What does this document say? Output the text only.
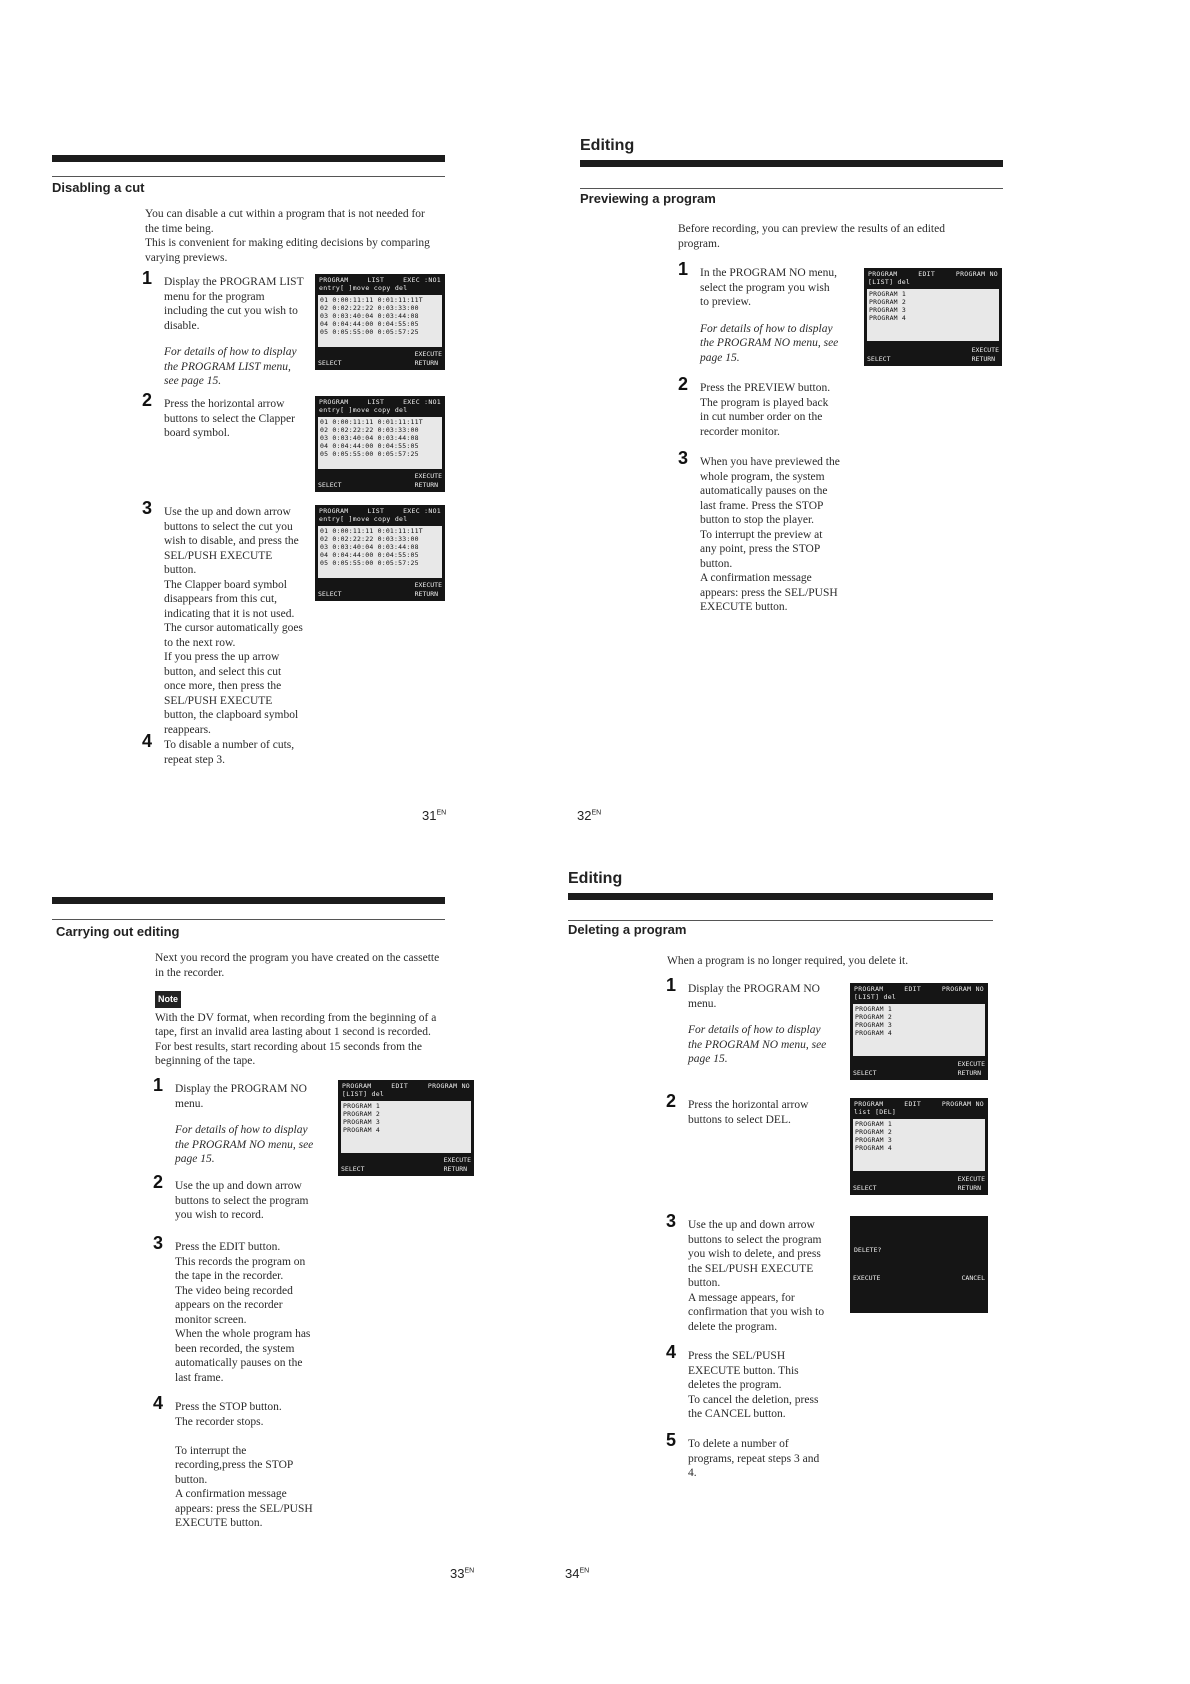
Disabling a cut
You can disable a cut within a program that is not needed for
the time being.
This is convenient for making editing decisions by comparing
varying previews.
1 Display the PROGRAM LIST
menu for the program
including the cut you wish to
disable.
For details of how to display
the PROGRAM LIST menu,
see page 15.
2 Press the horizontal arrow
buttons to select the Clapper
board symbol.
3 Use the up and down arrow
buttons to select the cut you
wish to disable, and press the
SEL/PUSH EXECUTE
button.
The Clapper board symbol
disappears from this cut,
indicating that it is not used.
The cursor automatically goes
to the next row.
If you press the up arrow
button, and select this cut
once more, then press the
SEL/PUSH EXECUTE
button, the clapboard symbol
reappears.
4 To disable a number of cuts,
repeat step 3.
PROGRAM	LIST	EXEC :NO1
entry[ ]move copy del
01 0:00:11:11 0:01:11:11T
02 0:02:22:22 0:03:33:00
03 0:03:40:04 0:03:44:08
04 0:04:44:00 0:04:55:05
05 0:05:55:00 0:05:57:25
SELECT
EXECUTE
RETURN
PROGRAM	LIST	EXEC :NO1
entry[ ]move copy del
01 0:00:11:11 0:01:11:11T
02 0:02:22:22 0:03:33:00
03 0:03:40:04 0:03:44:08
04 0:04:44:00 0:04:55:05
05 0:05:55:00 0:05:57:25
SELECT
EXECUTE
RETURN
PROGRAM	LIST	EXEC :NO1
entry[ ]move copy del
01 0:00:11:11 0:01:11:11T
02 0:02:22:22 0:03:33:00
03 0:03:40:04 0:03:44:08
04 0:04:44:00 0:04:55:05
05 0:05:55:00 0:05:57:25
SELECT
EXECUTE
RETURN
$31^{EN}$
Editing
Previewing a program
Before recording, you can preview the results of an edited
program.
1 In the PROGRAM NO menu,
select the program you wish
to preview.
For details of how to display
the PROGRAM NO menu, see
page 15.
2 Press the PREVIEW button.
The program is played back
in cut number order on the
recorder monitor.
3 When you have previewed the
whole program, the system
automatically pauses on the
last frame. Press the STOP
button to stop the player.
To interrupt the preview at
any point, press the STOP
button.
A confirmation message
appears: press the SEL/PUSH
EXECUTE button.
PROGRAM	EDIT	PROGRAM NO
[LIST] del
PROGRAM 1
PROGRAM 2
PROGRAM 3
PROGRAM 4
SELECT
EXECUTE
RETURN
$32^{EN}$
Carrying out editing
Next you record the program you have created on the cassette
in the recorder.
Note
With the DV format, when recording from the beginning of a
tape, first an invalid area lasting about 1 second is recorded.
For best results, start recording about 15 seconds from the
beginning of the tape.
1 Display the PROGRAM NO
menu.
For details of how to display
the PROGRAM NO menu, see
page 15.
2 Use the up and down arrow
buttons to select the program
you wish to record.
3 Press the EDIT button.
This records the program on
the tape in the recorder.
The video being recorded
appears on the recorder
monitor screen.
When the whole program has
been recorded, the system
automatically pauses on the
last frame.
4 Press the STOP button.
The recorder stops.

To interrupt the
recording,press the STOP
button.
A confirmation message
appears: press the SEL/PUSH
EXECUTE button.
PROGRAM	EDIT	PROGRAM NO
[LIST] del
PROGRAM 1
PROGRAM 2
PROGRAM 3
PROGRAM 4
SELECT
EXECUTE
RETURN
$33^{EN}$
Editing
Deleting a program
When a program is no longer required, you delete it.
1 Display the PROGRAM NO
menu.
For details of how to display
the PROGRAM NO menu, see
page 15.
2 Press the horizontal arrow
buttons to select DEL.
3 Use the up and down arrow
buttons to select the program
you wish to delete, and press
the SEL/PUSH EXECUTE
button.
A message appears, for
confirmation that you wish to
delete the program.
4 Press the SEL/PUSH
EXECUTE button. This
deletes the program.
To cancel the deletion, press
the CANCEL button.
5 To delete a number of
programs, repeat steps 3 and
4.
PROGRAM	EDIT	PROGRAM NO
[LIST] del
PROGRAM 1
PROGRAM 2
PROGRAM 3
PROGRAM 4
SELECT
EXECUTE
RETURN
PROGRAM	EDIT	PROGRAM NO
list [DEL]
PROGRAM 1
PROGRAM 2
PROGRAM 3
PROGRAM 4
SELECT
EXECUTE
RETURN
DELETE?
EXECUTE	CANCEL
$34^{EN}$
